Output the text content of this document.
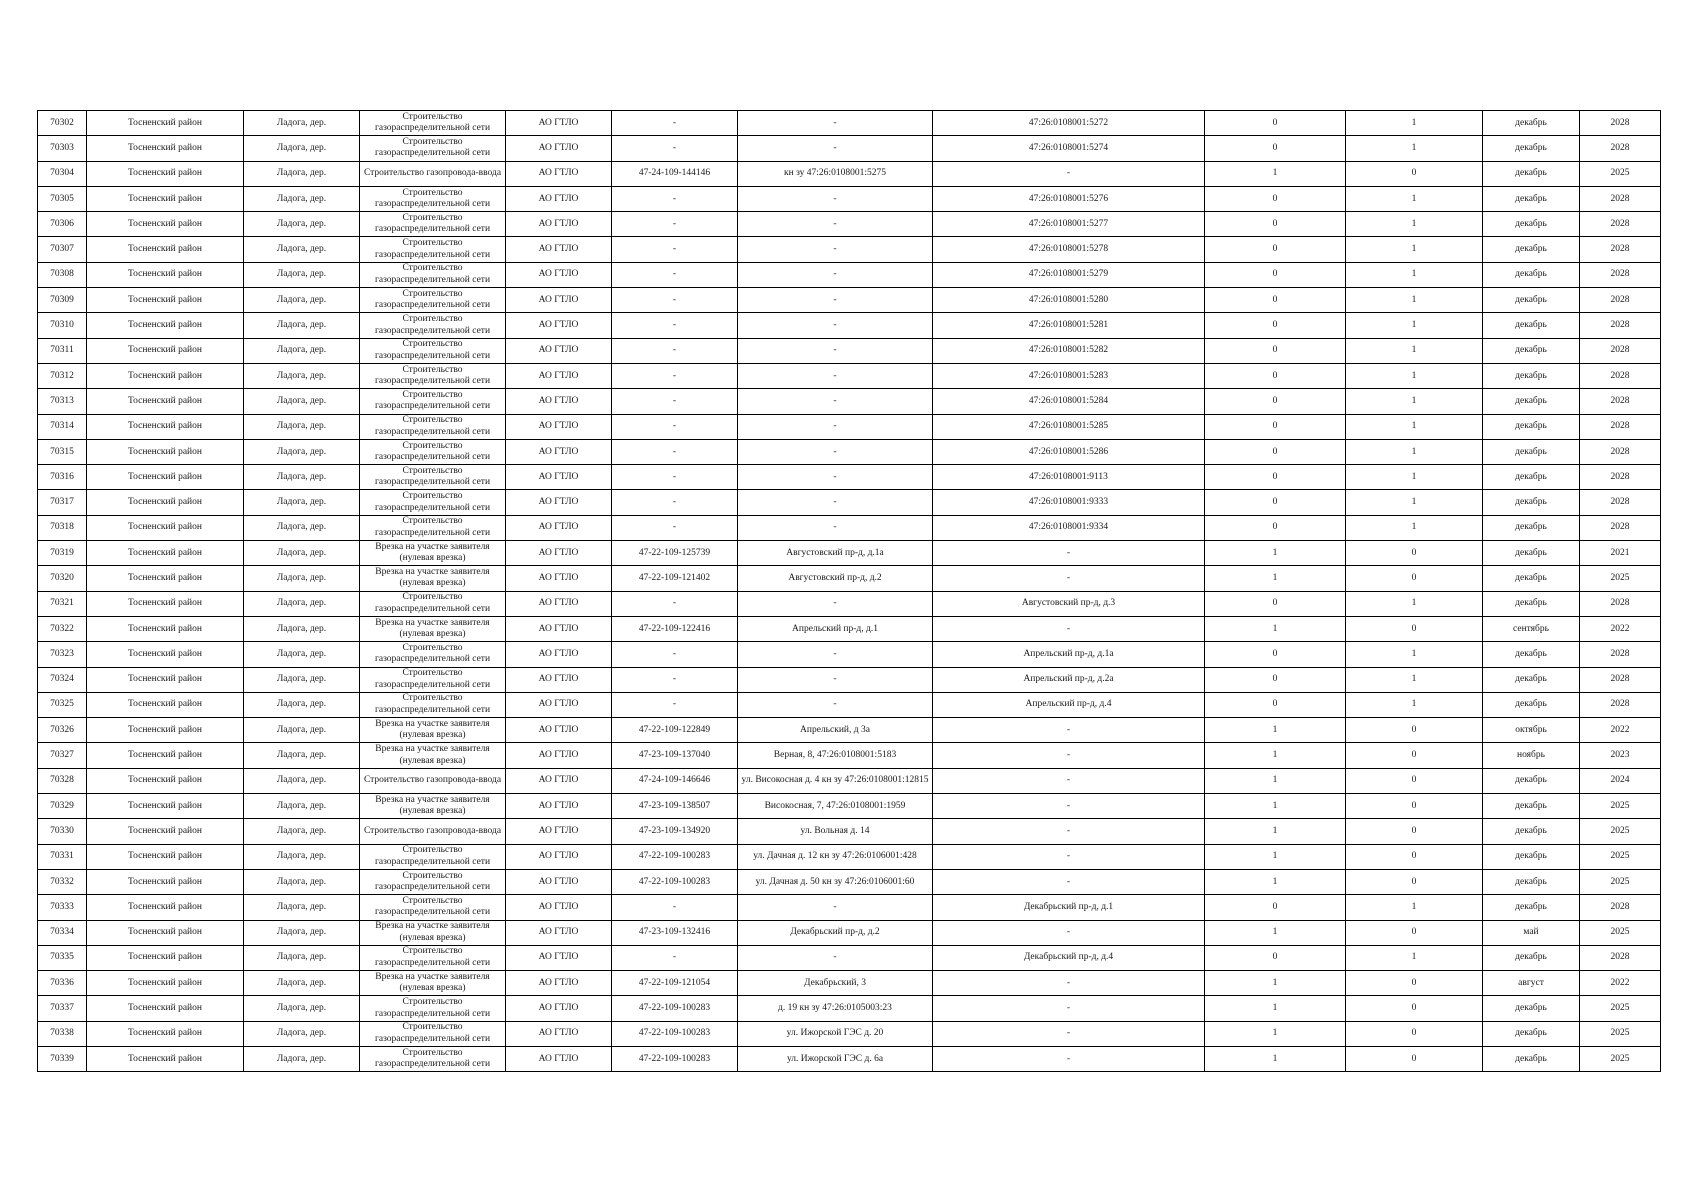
70302	Тосненский район	Ладога, дер.	Строительство газораспределительной сети	АО ГТЛО	-	-	47:26:0108001:5272	0	1	декабрь	2028
70303	Тосненский район	Ладога, дер.	Строительство газораспределительной сети	АО ГТЛО	-	-	47:26:0108001:5274	0	1	декабрь	2028
70304	Тосненский район	Ладога, дер.	Строительство газопровода-ввода	АО ГТЛО	47-24-109-144146	кн зу 47:26:0108001:5275	-	1	0	декабрь	2025
70305	Тосненский район	Ладога, дер.	Строительство газораспределительной сети	АО ГТЛО	-	-	47:26:0108001:5276	0	1	декабрь	2028
70306	Тосненский район	Ладога, дер.	Строительство газораспределительной сети	АО ГТЛО	-	-	47:26:0108001:5277	0	1	декабрь	2028
70307	Тосненский район	Ладога, дер.	Строительство газораспределительной сети	АО ГТЛО	-	-	47:26:0108001:5278	0	1	декабрь	2028
70308	Тосненский район	Ладога, дер.	Строительство газораспределительной сети	АО ГТЛО	-	-	47:26:0108001:5279	0	1	декабрь	2028
70309	Тосненский район	Ладога, дер.	Строительство газораспределительной сети	АО ГТЛО	-	-	47:26:0108001:5280	0	1	декабрь	2028
70310	Тосненский район	Ладога, дер.	Строительство газораспределительной сети	АО ГТЛО	-	-	47:26:0108001:5281	0	1	декабрь	2028
70311	Тосненский район	Ладога, дер.	Строительство газораспределительной сети	АО ГТЛО	-	-	47:26:0108001:5282	0	1	декабрь	2028
70312	Тосненский район	Ладога, дер.	Строительство газораспределительной сети	АО ГТЛО	-	-	47:26:0108001:5283	0	1	декабрь	2028
70313	Тосненский район	Ладога, дер.	Строительство газораспределительной сети	АО ГТЛО	-	-	47:26:0108001:5284	0	1	декабрь	2028
70314	Тосненский район	Ладога, дер.	Строительство газораспределительной сети	АО ГТЛО	-	-	47:26:0108001:5285	0	1	декабрь	2028
70315	Тосненский район	Ладога, дер.	Строительство газораспределительной сети	АО ГТЛО	-	-	47:26:0108001:5286	0	1	декабрь	2028
70316	Тосненский район	Ладога, дер.	Строительство газораспределительной сети	АО ГТЛО	-	-	47:26:0108001:9113	0	1	декабрь	2028
70317	Тосненский район	Ладога, дер.	Строительство газораспределительной сети	АО ГТЛО	-	-	47:26:0108001:9333	0	1	декабрь	2028
70318	Тосненский район	Ладога, дер.	Строительство газораспределительной сети	АО ГТЛО	-	-	47:26:0108001:9334	0	1	декабрь	2028
70319	Тосненский район	Ладога, дер.	Врезка на участке заявителя (нулевая врезка)	АО ГТЛО	47-22-109-125739	Августовский пр-д, д.1а	-	1	0	декабрь	2021
70320	Тосненский район	Ладога, дер.	Врезка на участке заявителя (нулевая врезка)	АО ГТЛО	47-22-109-121402	Августовский пр-д, д.2	-	1	0	декабрь	2025
70321	Тосненский район	Ладога, дер.	Строительство газораспределительной сети	АО ГТЛО	-	-	Августовский пр-д, д.3	0	1	декабрь	2028
70322	Тосненский район	Ладога, дер.	Врезка на участке заявителя (нулевая врезка)	АО ГТЛО	47-22-109-122416	Апрельский пр-д, д.1	-	1	0	сентябрь	2022
70323	Тосненский район	Ладога, дер.	Строительство газораспределительной сети	АО ГТЛО	-	-	Апрельский пр-д, д.1а	0	1	декабрь	2028
70324	Тосненский район	Ладога, дер.	Строительство газораспределительной сети	АО ГТЛО	-	-	Апрельский пр-д, д.2а	0	1	декабрь	2028
70325	Тосненский район	Ладога, дер.	Строительство газораспределительной сети	АО ГТЛО	-	-	Апрельский пр-д, д.4	0	1	декабрь	2028
70326	Тосненский район	Ладога, дер.	Врезка на участке заявителя (нулевая врезка)	АО ГТЛО	47-22-109-122849	Апрельский, д 3а	-	1	0	октябрь	2022
70327	Тосненский район	Ладога, дер.	Врезка на участке заявителя (нулевая врезка)	АО ГТЛО	47-23-109-137040	Верная, 8, 47:26:0108001:5183	-	1	0	ноябрь	2023
70328	Тосненский район	Ладога, дер.	Строительство газопровода-ввода	АО ГТЛО	47-24-109-146646	ул. Високосная д. 4 кн зу 47:26:0108001:12815	-	1	0	декабрь	2024
70329	Тосненский район	Ладога, дер.	Врезка на участке заявителя (нулевая врезка)	АО ГТЛО	47-23-109-138507	Високосная, 7, 47:26:0108001:1959	-	1	0	декабрь	2025
70330	Тосненский район	Ладога, дер.	Строительство газопровода-ввода	АО ГТЛО	47-23-109-134920	ул. Вольная д. 14	-	1	0	декабрь	2025
70331	Тосненский район	Ладога, дер.	Строительство газораспределительной сети	АО ГТЛО	47-22-109-100283	ул. Дачная д. 12 кн зу 47:26:0106001:428	-	1	0	декабрь	2025
70332	Тосненский район	Ладога, дер.	Строительство газораспределительной сети	АО ГТЛО	47-22-109-100283	ул. Дачная д. 50 кн зу 47:26:0106001:60	-	1	0	декабрь	2025
70333	Тосненский район	Ладога, дер.	Строительство газораспределительной сети	АО ГТЛО	-	-	Декабрьский пр-д, д.1	0	1	декабрь	2028
70334	Тосненский район	Ладога, дер.	Врезка на участке заявителя (нулевая врезка)	АО ГТЛО	47-23-109-132416	Декабрьский пр-д, д.2	-	1	0	май	2025
70335	Тосненский район	Ладога, дер.	Строительство газораспределительной сети	АО ГТЛО	-	-	Декабрьский пр-д, д.4	0	1	декабрь	2028
70336	Тосненский район	Ладога, дер.	Врезка на участке заявителя (нулевая врезка)	АО ГТЛО	47-22-109-121054	Декабрьский, 3	-	1	0	август	2022
70337	Тосненский район	Ладога, дер.	Строительство газораспределительной сети	АО ГТЛО	47-22-109-100283	д. 19 кн зу 47:26:0105003:23	-	1	0	декабрь	2025
70338	Тосненский район	Ладога, дер.	Строительство газораспределительной сети	АО ГТЛО	47-22-109-100283	ул. Ижорской ГЭС д. 20	-	1	0	декабрь	2025
70339	Тосненский район	Ладога, дер.	Строительство газораспределительной сети	АО ГТЛО	47-22-109-100283	ул. Ижорской ГЭС д. 6а	-	1	0	декабрь	2025
